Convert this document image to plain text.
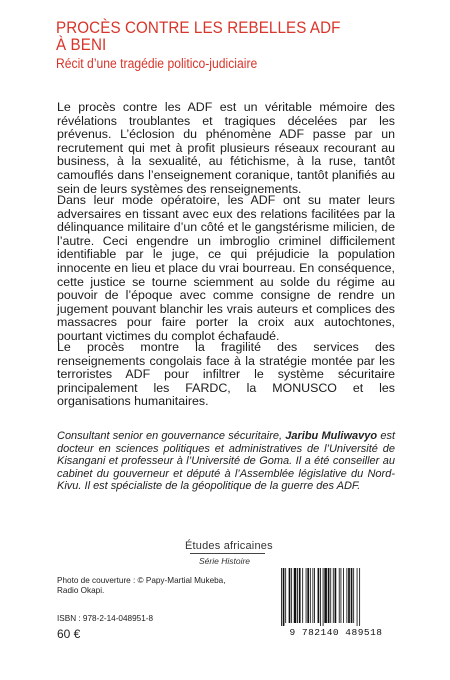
PROCÈS CONTRE LES REBELLES ADF
À BENI
Récit d’une tragédie politico-judiciaire

Le procès contre les ADF est un véritable mémoire des révélations troublantes et tragiques décelées par les prévenus. L’éclosion du phénomène ADF passe par un recrutement qui met à profit plusieurs réseaux recourant au business, à la sexualité, au fétichisme, à la ruse, tantôt camouflés dans l’enseignement coranique, tantôt planifiés au sein de leurs systèmes des renseignements.

Dans leur mode opératoire, les ADF ont su mater leurs adversaires en tissant avec eux des relations facilitées par la délinquance militaire d’un côté et le gangstérisme milicien, de l’autre. Ceci engendre un imbroglio criminel difficilement identifiable par le juge, ce qui préjudicie la population innocente en lieu et place du vrai bourreau. En conséquence, cette justice se tourne sciemment au solde du régime au pouvoir de l’époque avec comme consigne de rendre un jugement pouvant blanchir les vrais auteurs et complices des massacres pour faire porter la croix aux autochtones, pourtant victimes du complot échafaudé.

Le procès montre la fragilité des services des renseignements congolais face à la stratégie montée par les terroristes ADF pour infiltrer le système sécuritaire principalement les FARDC, la MONUSCO et les organisations humanitaires.

Consultant senior en gouvernance sécuritaire, Jaribu Muliwavyo est docteur en sciences politiques et administratives de l’Université de Kisangani et professeur à l’Université de Goma. Il a été conseiller au cabinet du gouverneur et député à l’Assemblée législative du Nord-Kivu. Il est spécialiste de la géopolitique de la guerre des ADF.

Études africaines
Série Histoire

Photo de couverture : © Papy-Martial Mukeba, Radio Okapi.

ISBN : 978-2-14-048951-8
60 €	9 782140 489518
